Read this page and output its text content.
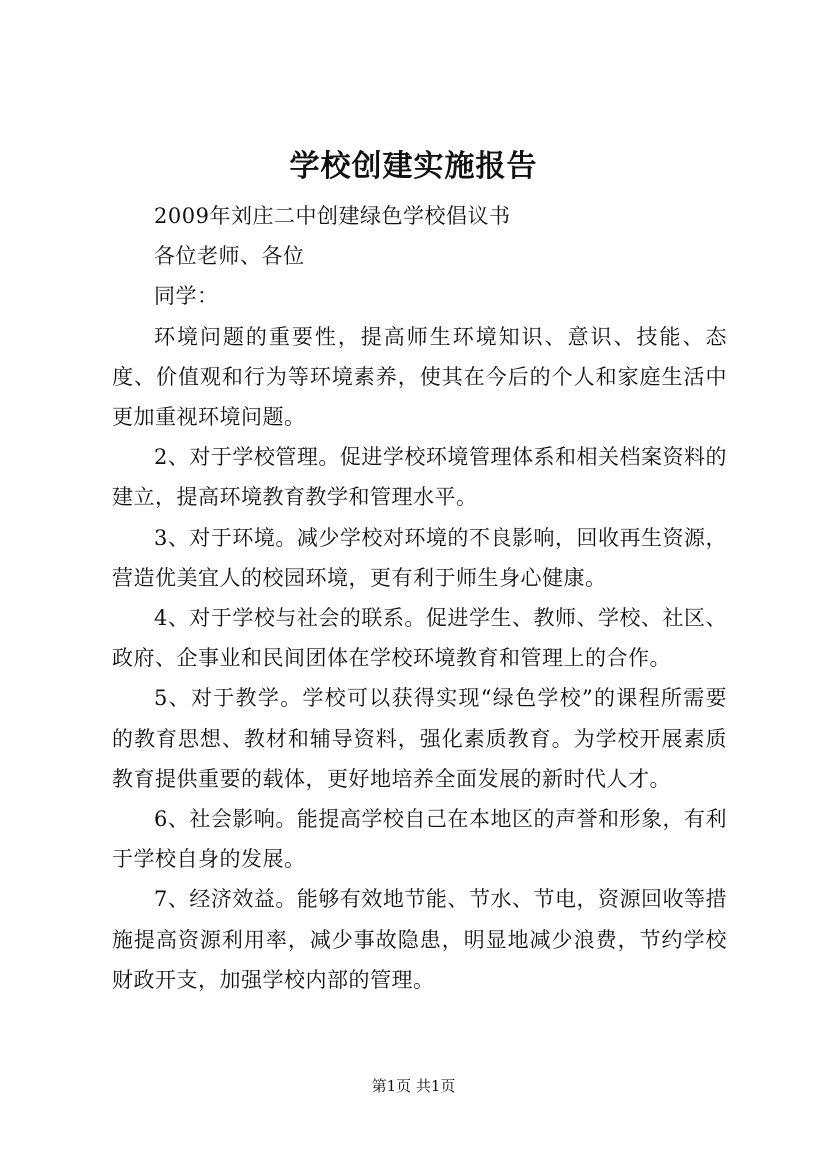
学校创建实施报告

2009年刘庄二中创建绿色学校倡议书

各位老师、各位

同学：

环境问题的重要性，提高师生环境知识、意识、技能、态度、价值观和行为等环境素养，使其在今后的个人和家庭生活中更加重视环境问题。

2、对于学校管理。促进学校环境管理体系和相关档案资料的建立，提高环境教育教学和管理水平。

3、对于环境。减少学校对环境的不良影响，回收再生资源，营造优美宜人的校园环境，更有利于师生身心健康。

4、对于学校与社会的联系。促进学生、教师、学校、社区、政府、企事业和民间团体在学校环境教育和管理上的合作。

5、对于教学。学校可以获得实现“绿色学校”的课程所需要的教育思想、教材和辅导资料，强化素质教育。为学校开展素质教育提供重要的载体，更好地培养全面发展的新时代人才。

6、社会影响。能提高学校自己在本地区的声誉和形象，有利于学校自身的发展。

7、经济效益。能够有效地节能、节水、节电，资源回收等措施提高资源利用率，减少事故隐患，明显地减少浪费，节约学校财政开支，加强学校内部的管理。

第1页 共1页
